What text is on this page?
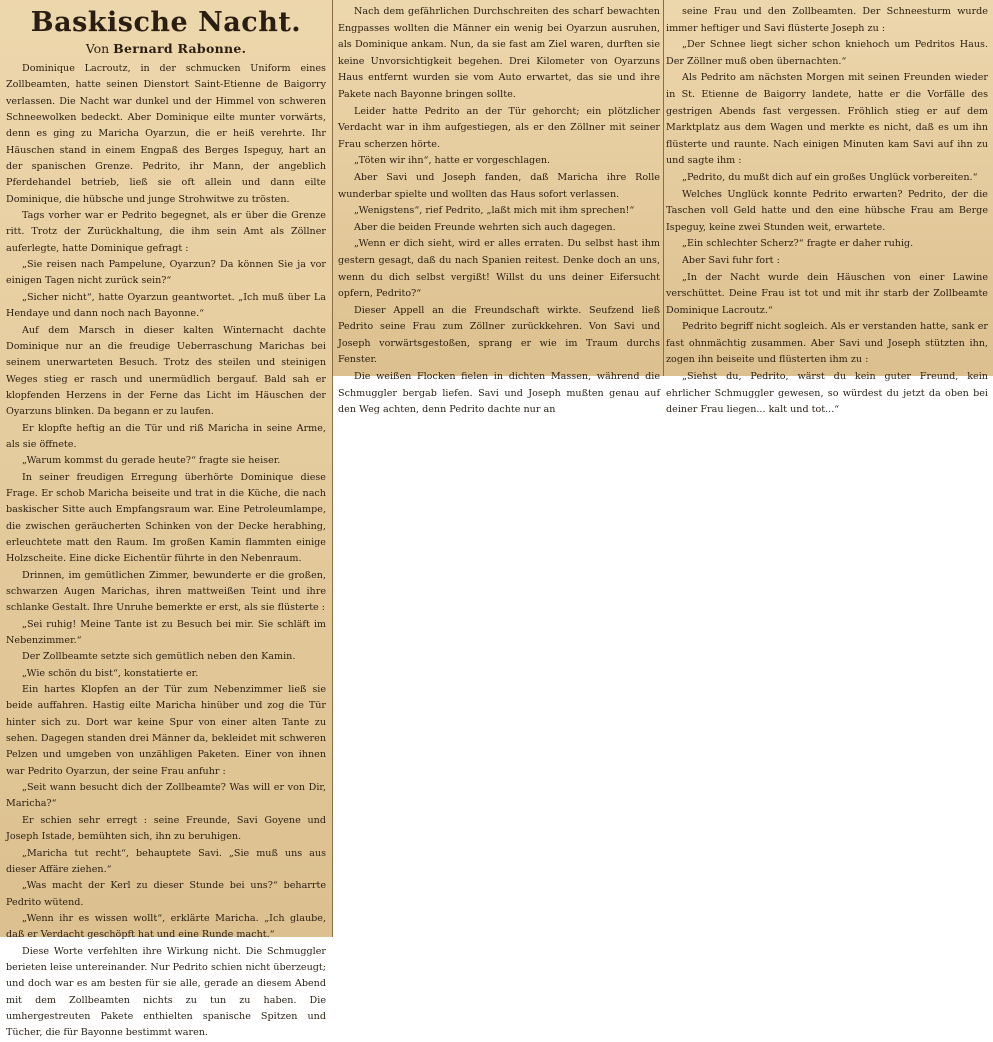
Baskische Nacht.
Von Bernard Rabonne.

Dominique Lacroutz, in der schmucken Uniform eines Zollbeamten, hatte seinen Dienstort Saint-Etienne de Baigorry verlassen. Die Nacht war dunkel und der Himmel von schweren Schneewolken bedeckt. Aber Dominique eilte munter vorwärts, denn es ging zu Maricha Oyarzun, die er heiß verehrte. Ihr Häuschen stand in einem Engpaß des Berges Ispeguy, hart an der spanischen Grenze. Pedrito, ihr Mann, der angeblich Pferdehandel betrieb, ließ sie oft allein und dann eilte Dominique, die hübsche und junge Strohwitwe zu trösten.

Tags vorher war er Pedrito begegnet, als er über die Grenze ritt. Trotz der Zurückhaltung, die ihm sein Amt als Zöllner auferlegte, hatte Dominique gefragt :

„Sie reisen nach Pampelune, Oyarzun? Da können Sie ja vor einigen Tagen nicht zurück sein?“

„Sicher nicht“, hatte Oyarzun geantwortet. „Ich muß über La Hendaye und dann noch nach Bayonne.“

Auf dem Marsch in dieser kalten Winternacht dachte Dominique nur an die freudige Ueberraschung Marichas bei seinem unerwarteten Besuch. Trotz des steilen und steinigen Weges stieg er rasch und unermüdlich bergauf. Bald sah er klopfenden Herzens in der Ferne das Licht im Häuschen der Oyarzuns blinken. Da begann er zu laufen.

Er klopfte heftig an die Tür und riß Maricha in seine Arme, als sie öffnete.

„Warum kommst du gerade heute?“ fragte sie heiser.

In seiner freudigen Erregung überhörte Dominique diese Frage. Er schob Maricha beiseite und trat in die Küche, die nach baskischer Sitte auch Empfangsraum war. Eine Petroleumlampe, die zwischen geräucherten Schinken von der Decke herabhing, erleuchtete matt den Raum. Im großen Kamin flammten einige Holzscheite. Eine dicke Eichentür führte in den Nebenraum.

Drinnen, im gemütlichen Zimmer, bewunderte er die großen, schwarzen Augen Marichas, ihren mattweißen Teint und ihre schlanke Gestalt. Ihre Unruhe bemerkte er erst, als sie flüsterte :

„Sei ruhig! Meine Tante ist zu Besuch bei mir. Sie schläft im Nebenzimmer.“

Der Zollbeamte setzte sich gemütlich neben den Kamin.

„Wie schön du bist“, konstatierte er.

Ein hartes Klopfen an der Tür zum Nebenzimmer ließ sie beide auffahren. Hastig eilte Maricha hinüber und zog die Tür hinter sich zu. Dort war keine Spur von einer alten Tante zu sehen. Dagegen standen drei Männer da, bekleidet mit schweren Pelzen und umgeben von unzähligen Paketen. Einer von ihnen war Pedrito Oyarzun, der seine Frau anfuhr :

„Seit wann besucht dich der Zollbeamte? Was will er von Dir, Maricha?“

Er schien sehr erregt : seine Freunde, Savi Goyene und Joseph Istade, bemühten sich, ihn zu beruhigen.

„Maricha tut recht“, behauptete Savi. „Sie muß uns aus dieser Affäre ziehen.“

„Was macht der Kerl zu dieser Stunde bei uns?“ beharrte Pedrito wütend.

„Wenn ihr es wissen wollt“, erklärte Maricha. „Ich glaube, daß er Verdacht geschöpft hat und eine Runde macht.“

Diese Worte verfehlten ihre Wirkung nicht. Die Schmuggler berieten leise untereinander. Nur Pedrito schien nicht überzeugt; und doch war es am besten für sie alle, gerade an diesem Abend mit dem Zollbeamten nichts zu tun zu haben. Die umhergestreuten Pakete enthielten spanische Spitzen und Tücher, die für Bayonne bestimmt waren.

Nach dem gefährlichen Durchschreiten des scharf bewachten Engpasses wollten die Männer ein wenig bei Oyarzun ausruhen, als Dominique ankam. Nun, da sie fast am Ziel waren, durften sie keine Unvorsichtigkeit begehen. Drei Kilometer von Oyarzuns Haus entfernt wurden sie vom Auto erwartet, das sie und ihre Pakete nach Bayonne bringen sollte.

Leider hatte Pedrito an der Tür gehorcht; ein plötzlicher Verdacht war in ihm aufgestiegen, als er den Zöllner mit seiner Frau scherzen hörte.

„Töten wir ihn“, hatte er vorgeschlagen.

Aber Savi und Joseph fanden, daß Maricha ihre Rolle wunderbar spielte und wollten das Haus sofort verlassen.

„Wenigstens“, rief Pedrito, „laßt mich mit ihm sprechen!“

Aber die beiden Freunde wehrten sich auch dagegen.

„Wenn er dich sieht, wird er alles erraten. Du selbst hast ihm gestern gesagt, daß du nach Spanien reitest. Denke doch an uns, wenn du dich selbst vergißt! Willst du uns deiner Eifersucht opfern, Pedrito?“

Dieser Appell an die Freundschaft wirkte. Seufzend ließ Pedrito seine Frau zum Zöllner zurückkehren. Von Savi und Joseph vorwärtsgestoßen, sprang er wie im Traum durchs Fenster.

Die weißen Flocken fielen in dichten Massen, während die Schmuggler bergab liefen. Savi und Joseph mußten genau auf den Weg achten, denn Pedrito dachte nur an

seine Frau und den Zollbeamten. Der Schneesturm wurde immer heftiger und Savi flüsterte Joseph zu :

„Der Schnee liegt sicher schon kniehoch um Pedritos Haus. Der Zöllner muß oben übernachten.“

Als Pedrito am nächsten Morgen mit seinen Freunden wieder in St. Etienne de Baigorry landete, hatte er die Vorfälle des gestrigen Abends fast vergessen. Fröhlich stieg er auf dem Marktplatz aus dem Wagen und merkte es nicht, daß es um ihn flüsterte und raunte. Nach einigen Minuten kam Savi auf ihn zu und sagte ihm :

„Pedrito, du mußt dich auf ein großes Unglück vorbereiten.“

Welches Unglück konnte Pedrito erwarten? Pedrito, der die Taschen voll Geld hatte und den eine hübsche Frau am Berge Ispeguy, keine zwei Stunden weit, erwartete.

„Ein schlechter Scherz?“ fragte er daher ruhig.

Aber Savi fuhr fort :

„In der Nacht wurde dein Häuschen von einer Lawine verschüttet. Deine Frau ist tot und mit ihr starb der Zollbeamte Dominique Lacroutz.“

Pedrito begriff nicht sogleich. Als er verstanden hatte, sank er fast ohnmächtig zusammen. Aber Savi und Joseph stützten ihn, zogen ihn beiseite und flüsterten ihm zu :

„Siehst du, Pedrito, wärst du kein guter Freund, kein ehrlicher Schmuggler gewesen, so würdest du jetzt da oben bei deiner Frau liegen... kalt und tot...“
